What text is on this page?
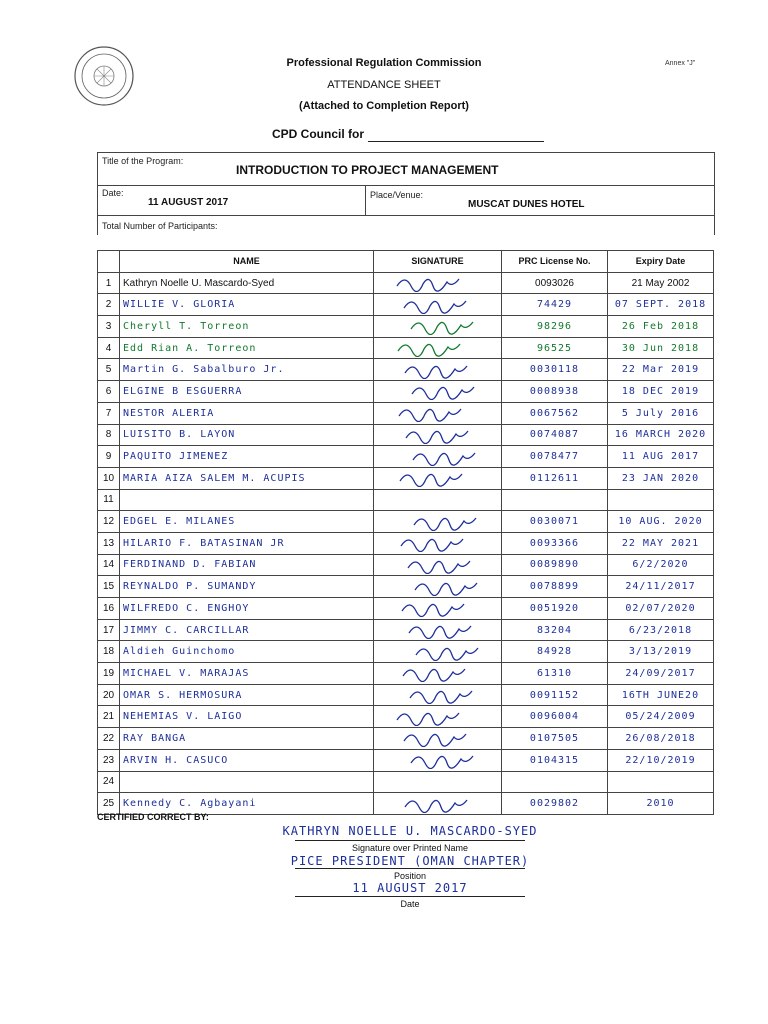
Annex "J"
Professional Regulation Commission
ATTENDANCE SHEET
(Attached to Completion Report)
CPD Council for
Title of the Program:
INTRODUCTION TO PROJECT MANAGEMENT
Date:
11 AUGUST 2017
Place/Venue:
MUSCAT DUNES HOTEL
Total Number of Participants:
	NAME	SIGNATURE	PRC License No.	Expiry Date
1	Kathryn Noelle U. Mascardo-Syed		0093026	21 May 2002
2	WILLIE V. GLORIA		74429	07 SEPT. 2018
3	Cheryll T. Torreon		98296	26 Feb 2018
4	Edd Rian A. Torreon		96525	30 Jun 2018
5	Martin G. Sabalburo Jr.		0030118	22 Mar 2019
6	ELGINE B ESGUERRA		0008938	18 DEC 2019
7	NESTOR ALERIA		0067562	5 July 2016
8	LUISITO B. LAYON		0074087	16 MARCH 2020
9	PAQUITO JIMENEZ		0078477	11 AUG 2017
10	MARIA AIZA SALEM M. ACUPIS		0112611	23 JAN 2020
11				
12	EDGEL E. MILANES		0030071	10 AUG. 2020
13	HILARIO F. BATASINAN JR		0093366	22 MAY 2021
14	FERDINAND D. FABIAN		0089890	6/2/2020
15	REYNALDO P. SUMANDY		0078899	24/11/2017
16	WILFREDO C. ENGHOY		0051920	02/07/2020
17	JIMMY C. CARCILLAR		83204	6/23/2018
18	Aldieh Guinchomo		84928	3/13/2019
19	MICHAEL V. MARAJAS		61310	24/09/2017
20	OMAR S. HERMOSURA		0091152	16TH JUNE20
21	NEHEMIAS V. LAIGO		0096004	05/24/2009
22	RAY BANGA		0107505	26/08/2018
23	ARVIN H. CASUCO		0104315	22/10/2019
24				
25	Kennedy C. Agbayani		0029802	2010
CERTIFIED CORRECT BY:
KATHRYN NOELLE U. MASCARDO-SYED
Signature over Printed Name
PICE PRESIDENT (OMAN CHAPTER)
Position
11 AUGUST 2017
Date
